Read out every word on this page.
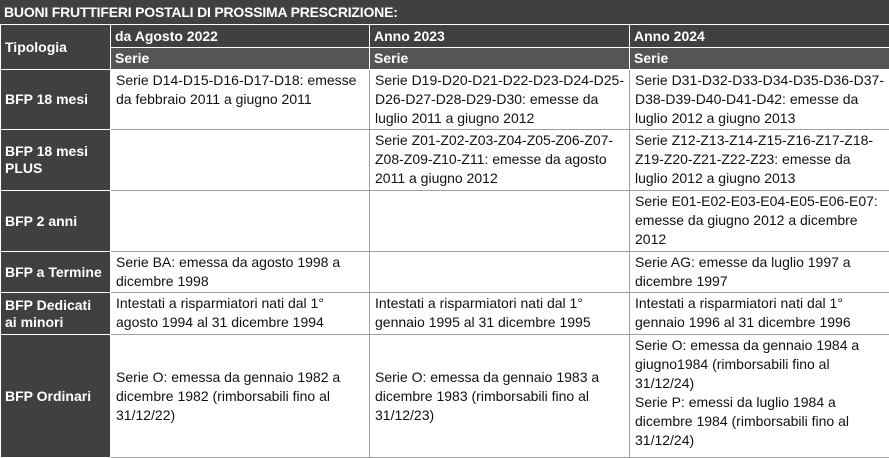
BUONI FRUTTIFERI POSTALI DI PROSSIMA PRESCRIZIONE:
Tipologia	da Agosto 2022	Anno 2023	Anno 2024
	Serie	Serie	Serie
BFP 18 mesi	Serie D14-D15-D16-D17-D18: emesse da febbraio 2011 a giugno 2011	Serie D19-D20-D21-D22-D23-D24-D25-D26-D27-D28-D29-D30: emesse da luglio 2011 a giugno 2012	Serie D31-D32-D33-D34-D35-D36-D37-D38-D39-D40-D41-D42: emesse da luglio 2012 a giugno 2013
BFP 18 mesi PLUS		Serie Z01-Z02-Z03-Z04-Z05-Z06-Z07-Z08-Z09-Z10-Z11: emesse da agosto 2011 a giugno 2012	Serie Z12-Z13-Z14-Z15-Z16-Z17-Z18-Z19-Z20-Z21-Z22-Z23: emesse da luglio 2012 a giugno 2013
BFP 2 anni			Serie E01-E02-E03-E04-E05-E06-E07: emesse da giugno 2012 a dicembre 2012
BFP a Termine	Serie BA: emessa da agosto 1998 a dicembre 1998		Serie AG: emesse da luglio 1997 a dicembre 1997
BFP Dedicati ai minori	Intestati a risparmiatori nati dal 1° agosto 1994 al 31 dicembre 1994	Intestati a risparmiatori nati dal 1° gennaio 1995 al 31 dicembre 1995	Intestati a risparmiatori nati dal 1° gennaio 1996 al 31 dicembre 1996
BFP Ordinari	Serie O: emessa da gennaio 1982 a dicembre 1982 (rimborsabili fino al 31/12/22)	Serie O: emessa da gennaio 1983 a dicembre 1983 (rimborsabili fino al 31/12/23)	Serie O: emessa da gennaio 1984 a giugno1984 (rimborsabili fino al 31/12/24)
Serie P: emessi da luglio 1984 a dicembre 1984 (rimborsabili fino al 31/12/24)
